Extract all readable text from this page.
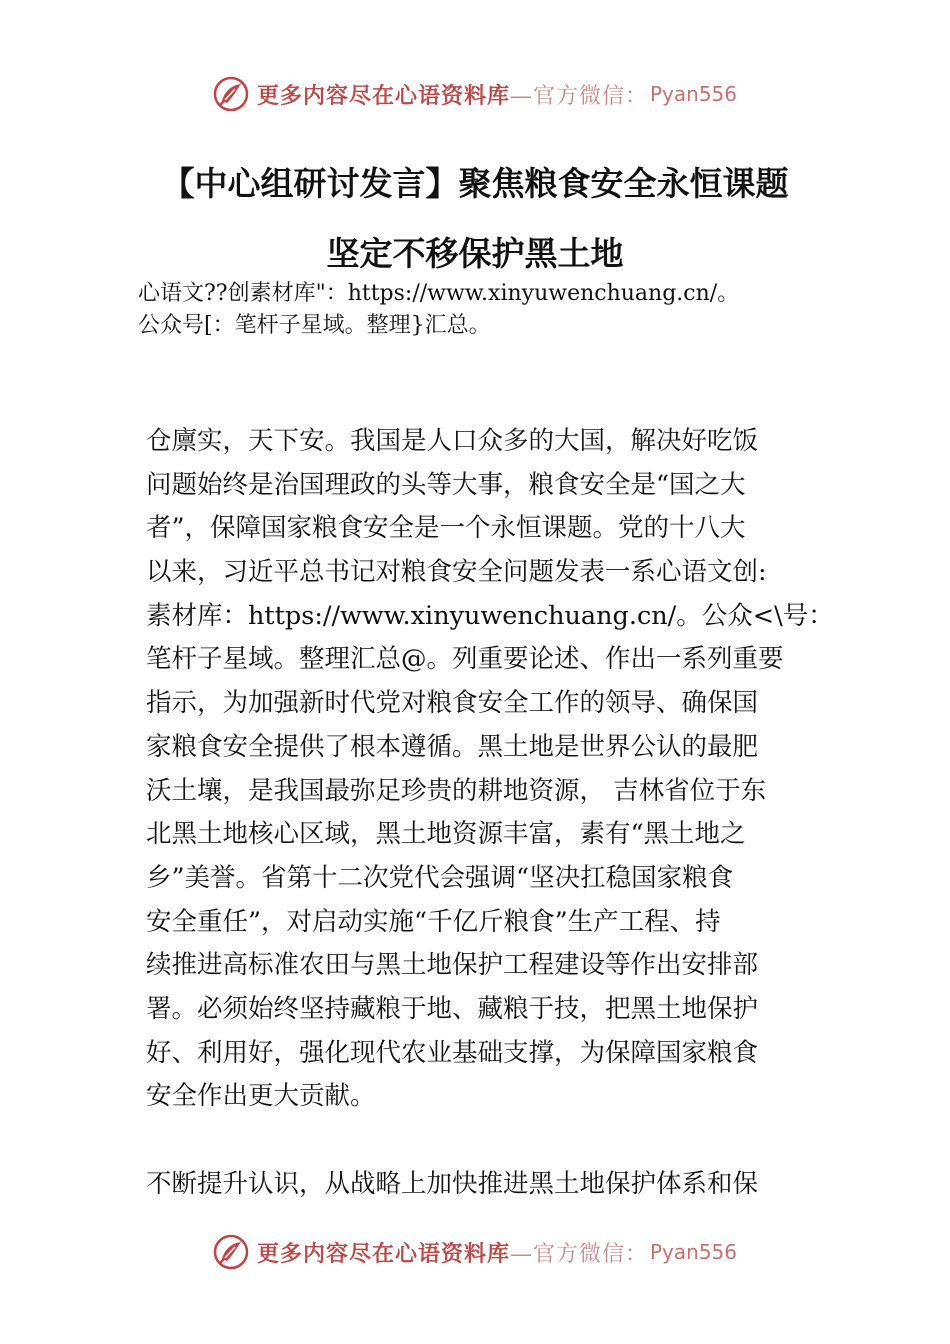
更多内容尽在心语资料库 —官方微信： Pyan556
【中心组研讨发言】聚焦粮食安全永恒课题
坚定不移保护黑土地
心语文??创素材库"：https://www.xinyuwenchuang.cn/。
公众号[：笔杆子星域。整理}汇总。
仓廪实，天下安。我国是人口众多的大国，解决好吃饭
问题始终是治国理政的头等大事，粮食安全是“国之大
者”，保障国家粮食安全是一个永恒课题。党的十八大
以来，习近平总书记对粮食安全问题发表一系心语文创:
素材库：https://www.xinyuwenchuang.cn/。公众<\号：
笔杆子星域。整理汇总@。列重要论述、作出一系列重要
指示，为加强新时代党对粮食安全工作的领导、确保国
家粮食安全提供了根本遵循。黑土地是世界公认的最肥
沃土壤，是我国最弥足珍贵的耕地资源， 吉林省位于东
北黑土地核心区域，黑土地资源丰富，素有“黑土地之
乡”美誉。省第十二次党代会强调“坚决扛稳国家粮食
安全重任”，对启动实施“千亿斤粮食”生产工程、持
续推进高标准农田与黑土地保护工程建设等作出安排部
署。必须始终坚持藏粮于地、藏粮于技，把黑土地保护
好、利用好，强化现代农业基础支撑，为保障国家粮食
安全作出更大贡献。
不断提升认识，从战略上加快推进黑土地保护体系和保
更多内容尽在心语资料库 —官方微信： Pyan556
